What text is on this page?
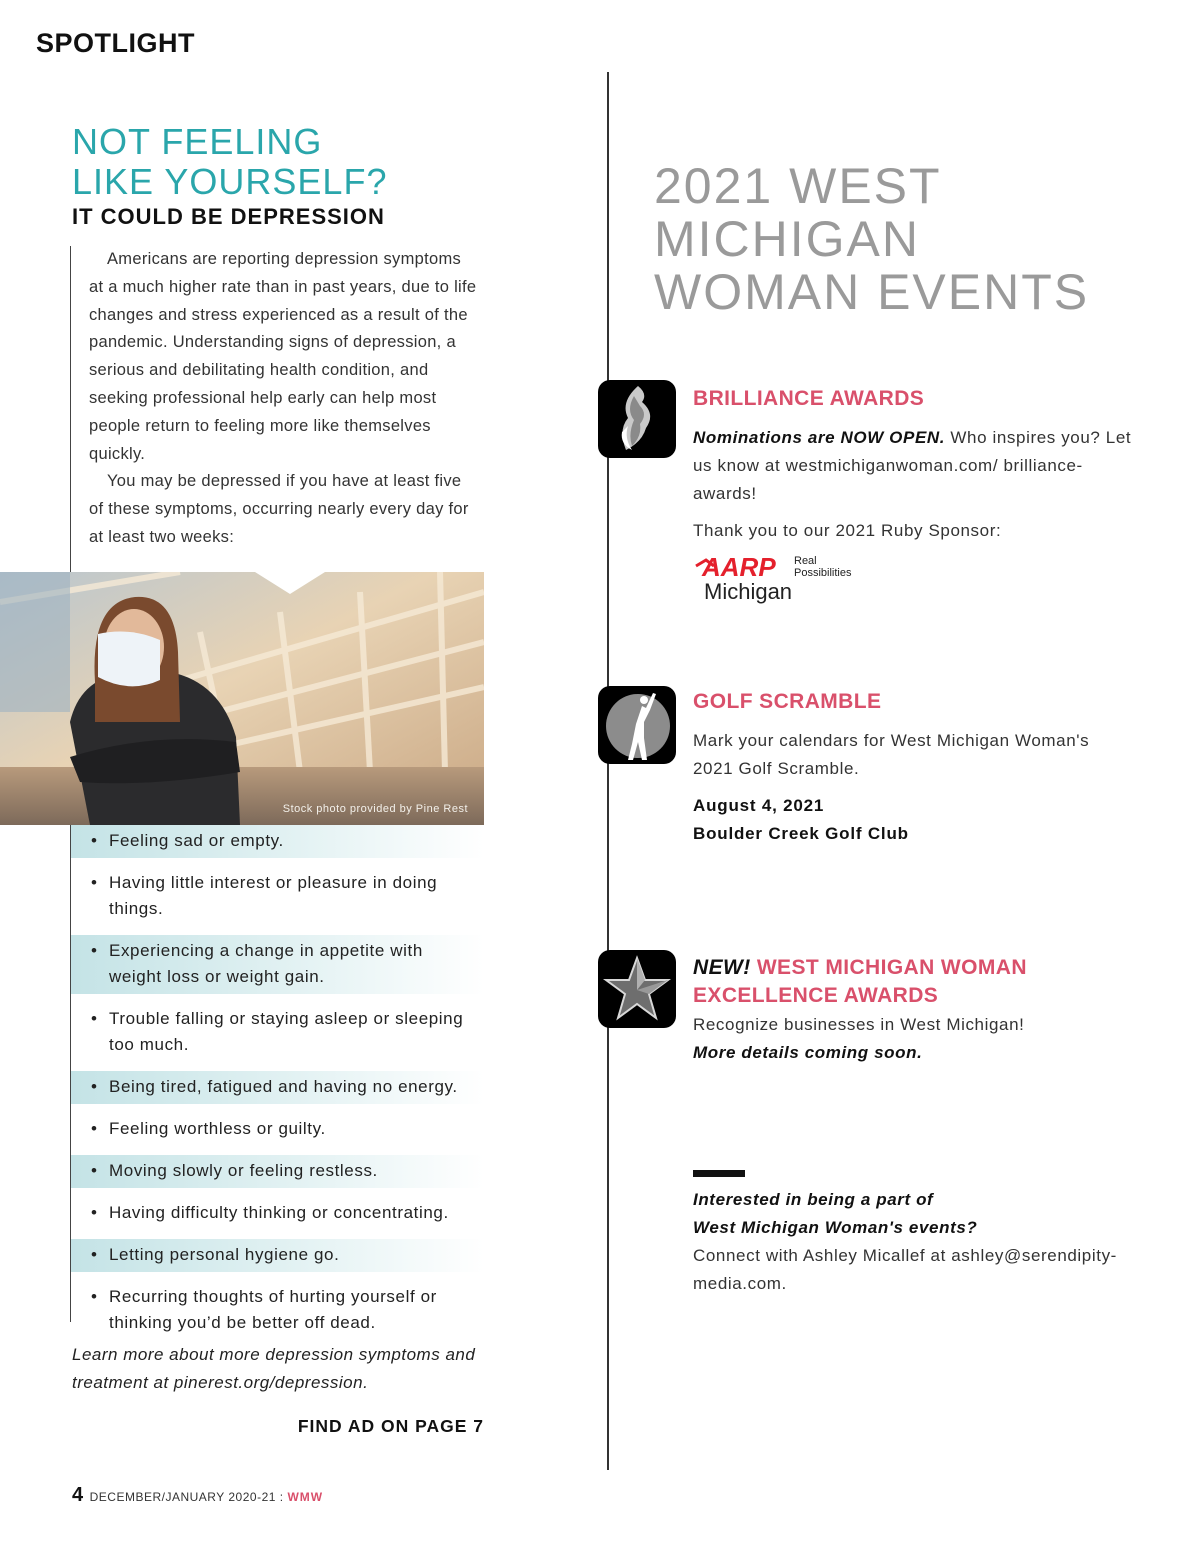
SPOTLIGHT
NOT FEELING
LIKE YOURSELF?
IT COULD BE DEPRESSION

Americans are reporting depression symptoms at a much higher rate than in past years, due to life changes and stress experienced as a result of the pandemic. Understanding signs of depression, a serious and debilitating health condition, and seeking professional help early can help most people return to feeling more like themselves quickly.

You may be depressed if you have at least five of these symptoms, occurring nearly every day for at least two weeks:

Stock photo provided by Pine Rest
• Feeling sad or empty.
• Having little interest or pleasure in doing things.
• Experiencing a change in appetite with weight loss or weight gain.
• Trouble falling or staying asleep or sleeping too much.
• Being tired, fatigued and having no energy.
• Feeling worthless or guilty.
• Moving slowly or feeling restless.
• Having difficulty thinking or concentrating.
• Letting personal hygiene go.
• Recurring thoughts of hurting yourself or thinking you’d be better off dead.
Learn more about more depression symptoms and treatment at pinerest.org/depression.
FIND AD ON PAGE 7
4 DECEMBER/JANUARY 2020-21 : WMW
2021 WEST
MICHIGAN
WOMAN EVENTS
BRILLIANCE AWARDS
Nominations are NOW OPEN. Who inspires you? Let us know at westmichiganwoman.com/ brilliance-awards!
Thank you to our 2021 Ruby Sponsor:
AARP Real
Possibilities
Michigan
GOLF SCRAMBLE
Mark your calendars for West Michigan Woman's 2021 Golf Scramble.
August 4, 2021
Boulder Creek Golf Club
NEW! WEST MICHIGAN WOMAN EXCELLENCE AWARDS
Recognize businesses in West Michigan!
More details coming soon.
Interested in being a part of
West Michigan Woman's events?
Connect with Ashley Micallef at ashley@serendipity-media.com.
